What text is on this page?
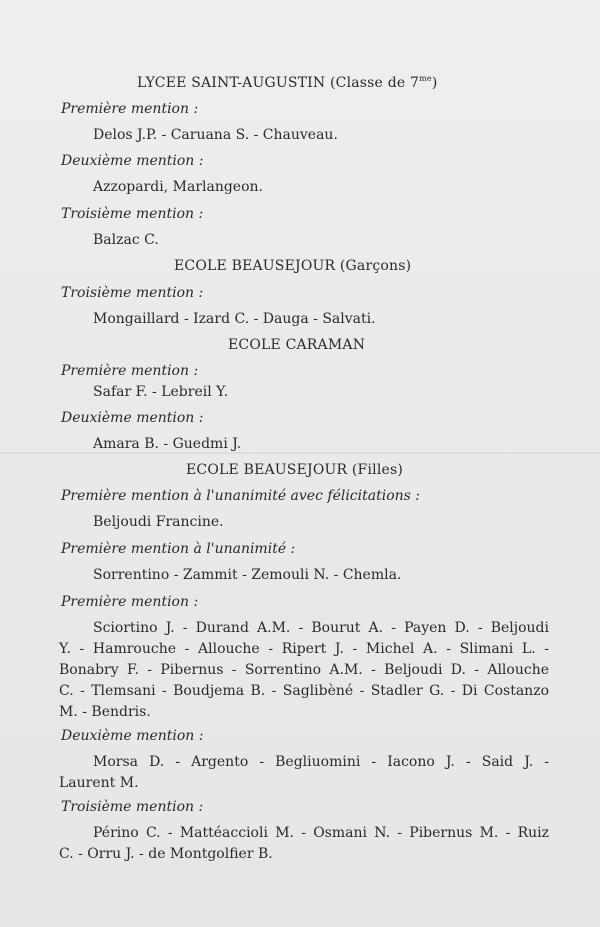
LYCEE SAINT-AUGUSTIN (Classe de $7^{me}$)
Première mention :
Delos J.P. - Caruana S. - Chauveau.
Deuxième mention :
Azzopardi, Marlangeon.
Troisième mention :
Balzac C.
ECOLE BEAUSEJOUR (Garçons)
Troisième mention :
Mongaillard - Izard C. - Dauga - Salvati.
ECOLE CARAMAN
Première mention :
Safar F. - Lebreil Y.
Deuxième mention :
Amara B. - Guedmi J.
ECOLE BEAUSEJOUR (Filles)
Première mention à l'unanimité avec félicitations :
Beljoudi Francine.
Première mention à l'unanimité :
Sorrentino - Zammit - Zemouli N. - Chemla.
Première mention :
Sciortino J. - Durand A.M. - Bourut A. - Payen D. - Beljoudi
Y. - Hamrouche - Allouche - Ripert J. - Michel A. - Slimani L. -
Bonabry F. - Pibernus - Sorrentino A.M. - Beljoudi D. - Allouche
C. - Tlemsani - Boudjema B. - Saglibèné - Stadler G. - Di Costanzo
M. - Bendris.
Deuxième mention :
Morsa D. - Argento - Begliuomini - Iacono J. - Said J. -
Laurent M.
Troisième mention :
Périno C. - Mattéaccioli M. - Osmani N. - Pibernus M. - Ruiz
C. - Orru J. - de Montgolfier B.
